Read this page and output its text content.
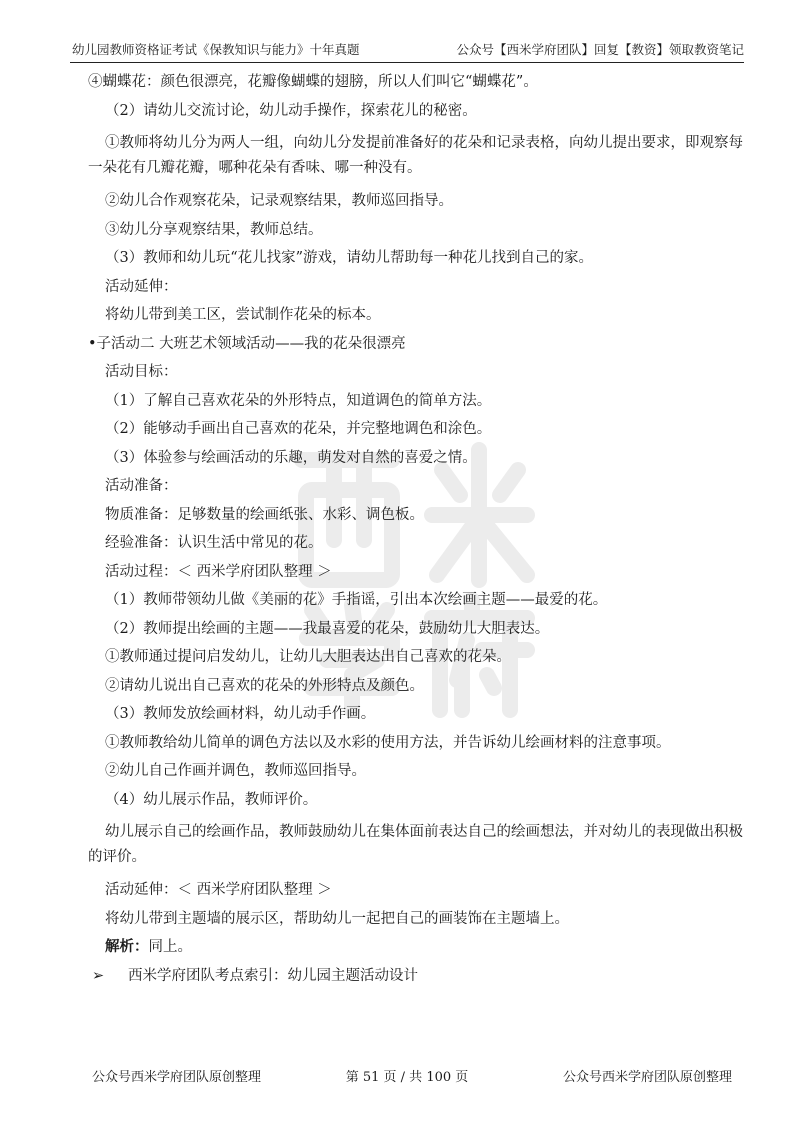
幼儿园教师资格证考试《保教知识与能力》十年真题	公众号【西米学府团队】回复【教资】领取教资笔记
④蝴蝶花：颜色很漂亮，花瓣像蝴蝶的翅膀，所以人们叫它“蝴蝶花”。
（2）请幼儿交流讨论，幼儿动手操作，探索花儿的秘密。
①教师将幼儿分为两人一组，向幼儿分发提前准备好的花朵和记录表格，向幼儿提出要求，即观察每一朵花有几瓣花瓣，哪种花朵有香味、哪一种没有。
②幼儿合作观察花朵，记录观察结果，教师巡回指导。
③幼儿分享观察结果，教师总结。
（3）教师和幼儿玩“花儿找家”游戏，请幼儿帮助每一种花儿找到自己的家。
活动延伸：
将幼儿带到美工区，尝试制作花朵的标本。
•子活动二 大班艺术领域活动——我的花朵很漂亮
活动目标：
（1）了解自己喜欢花朵的外形特点，知道调色的简单方法。
（2）能够动手画出自己喜欢的花朵，并完整地调色和涂色。
（3）体验参与绘画活动的乐趣，萌发对自然的喜爱之情。
活动准备：
物质准备：足够数量的绘画纸张、水彩、调色板。
经验准备：认识生活中常见的花。
活动过程：＜ 西米学府团队整理 ＞
（1）教师带领幼儿做《美丽的花》手指谣，引出本次绘画主题——最爱的花。
（2）教师提出绘画的主题——我最喜爱的花朵，鼓励幼儿大胆表达。
①教师通过提问启发幼儿，让幼儿大胆表达出自己喜欢的花朵。
②请幼儿说出自己喜欢的花朵的外形特点及颜色。
（3）教师发放绘画材料，幼儿动手作画。
①教师教给幼儿简单的调色方法以及水彩的使用方法，并告诉幼儿绘画材料的注意事项。
②幼儿自己作画并调色，教师巡回指导。
（4）幼儿展示作品，教师评价。
幼儿展示自己的绘画作品，教师鼓励幼儿在集体面前表达自己的绘画想法，并对幼儿的表现做出积极的评价。
活动延伸：＜ 西米学府团队整理 ＞
将幼儿带到主题墙的展示区，帮助幼儿一起把自己的画装饰在主题墙上。
解析：同上。
➢ 西米学府团队考点索引：幼儿园主题活动设计
公众号西米学府团队原创整理	第 51 页 / 共 100 页	公众号西米学府团队原创整理
